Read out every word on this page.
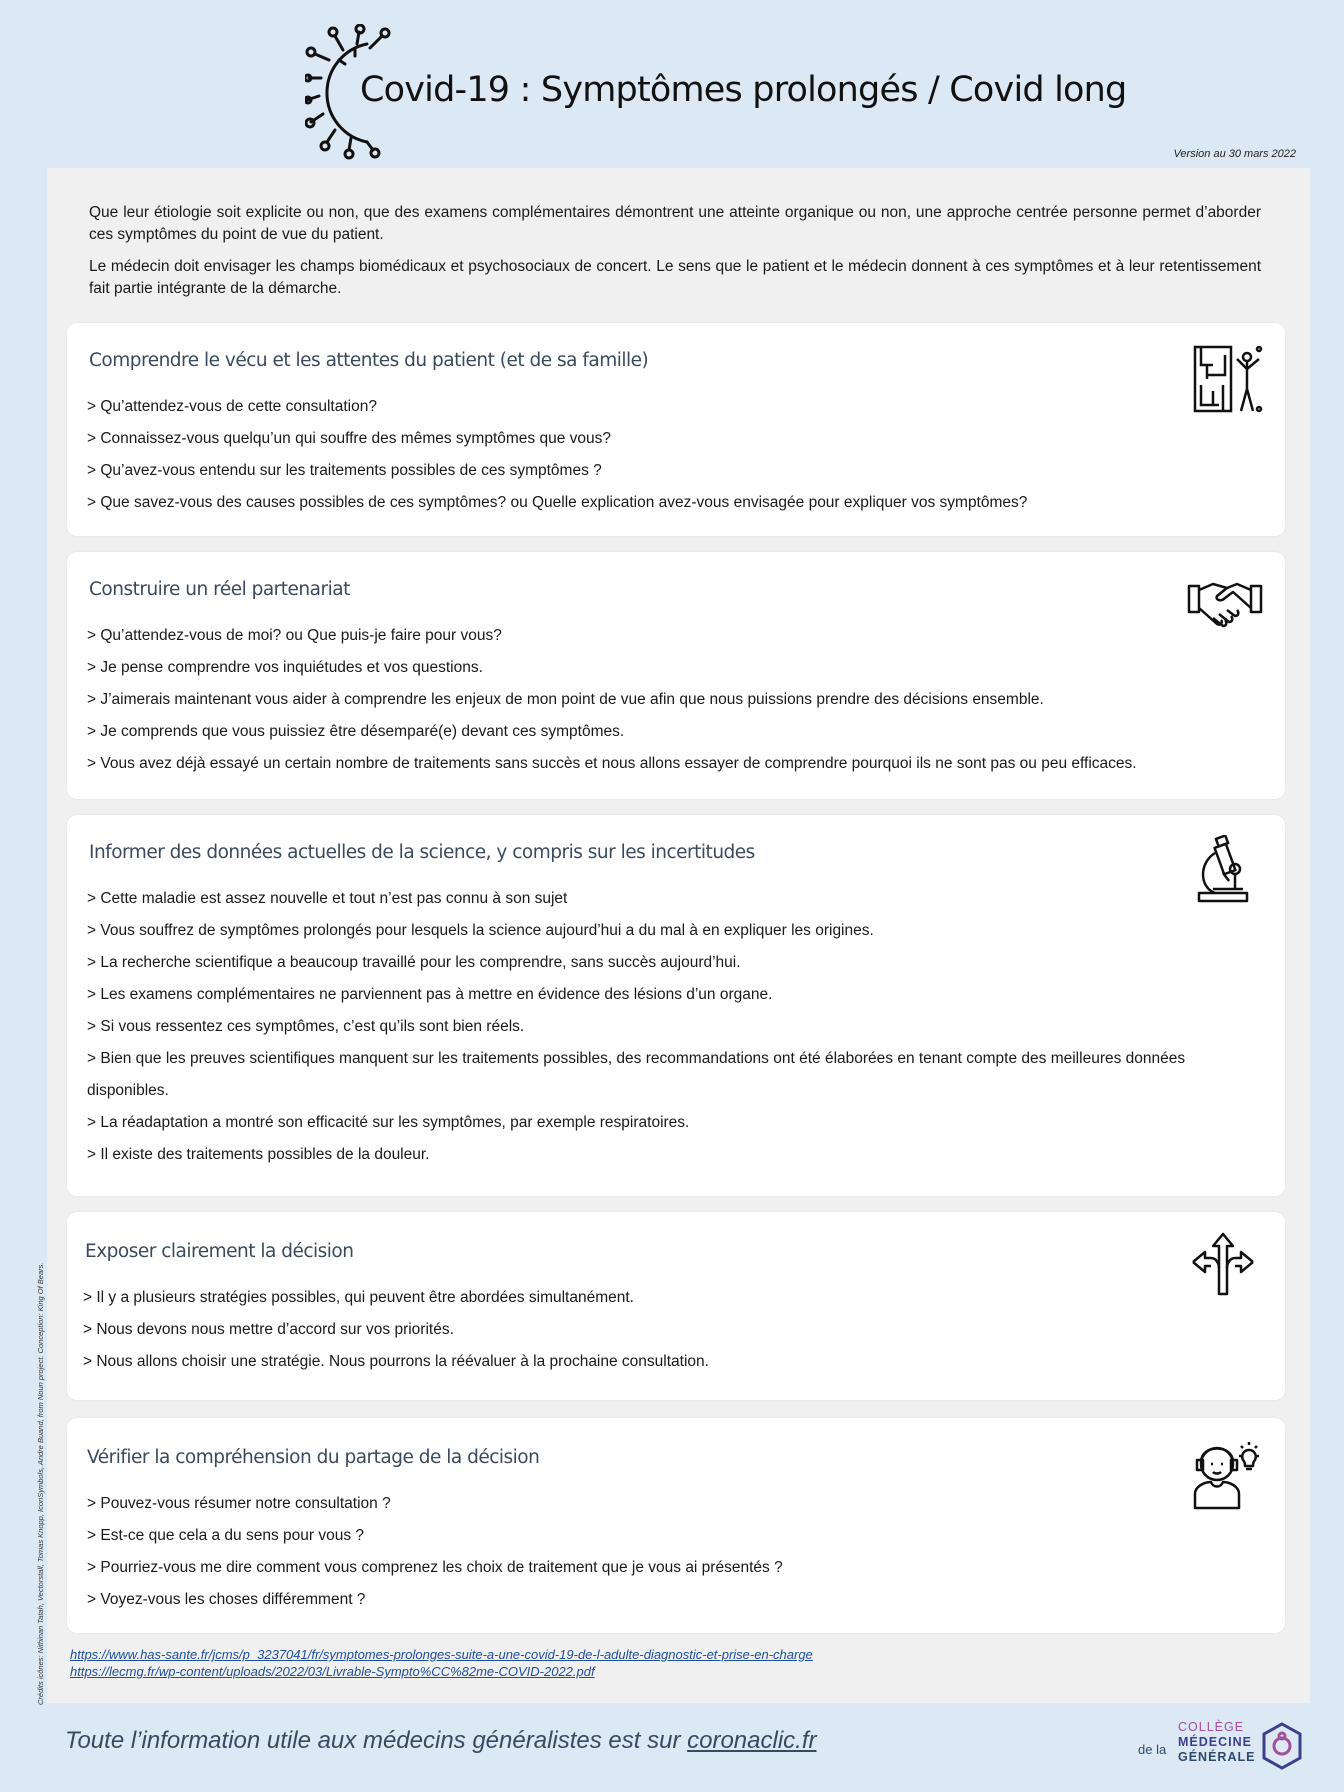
Covid-19 : Symptômes prolongés / Covid long
Version au 30 mars 2022

Que leur étiologie soit explicite ou non, que des examens complémentaires démontrent une atteinte organique ou non, une approche centrée personne permet d’aborder ces symptômes du point de vue du patient.

Le médecin doit envisager les champs biomédicaux et psychosociaux de concert. Le sens que le patient et le médecin donnent à ces symptômes et à leur retentissement fait partie intégrante de la démarche.

Comprendre le vécu et les attentes du patient (et de sa famille)
> Qu’attendez-vous de cette consultation?
> Connaissez-vous quelqu’un qui souffre des mêmes symptômes que vous?
> Qu’avez-vous entendu sur les traitements possibles de ces symptômes ?
> Que savez-vous des causes possibles de ces symptômes? ou Quelle explication avez-vous envisagée pour expliquer vos symptômes?
Construire un réel partenariat
> Qu’attendez-vous de moi? ou Que puis-je faire pour vous?
> Je pense comprendre vos inquiétudes et vos questions.
> J’aimerais maintenant vous aider à comprendre les enjeux de mon point de vue afin que nous puissions prendre des décisions ensemble.
> Je comprends que vous puissiez être désemparé(e) devant ces symptômes.
> Vous avez déjà essayé un certain nombre de traitements sans succès et nous allons essayer de comprendre pourquoi ils ne sont pas ou peu efficaces.
Informer des données actuelles de la science, y compris sur les incertitudes
> Cette maladie est assez nouvelle et tout n’est pas connu à son sujet
> Vous souffrez de symptômes prolongés pour lesquels la science aujourd’hui a du mal à en expliquer les origines.
> La recherche scientifique a beaucoup travaillé pour les comprendre, sans succès aujourd’hui.
> Les examens complémentaires ne parviennent pas à mettre en évidence des lésions d’un organe.
> Si vous ressentez ces symptômes, c’est qu’ils sont bien réels.
> Bien que les preuves scientifiques manquent sur les traitements possibles, des recommandations ont été élaborées en tenant compte des meilleures données disponibles.
> La réadaptation a montré son efficacité sur les symptômes, par exemple respiratoires.
> Il existe des traitements possibles de la douleur.
Exposer clairement la décision
> Il y a plusieurs stratégies possibles, qui peuvent être abordées simultanément.
> Nous devons nous mettre d’accord sur vos priorités.
> Nous allons choisir une stratégie. Nous pourrons la réévaluer à la prochaine consultation.
Vérifier la compréhension du partage de la décision
> Pouvez-vous résumer notre consultation ?
> Est-ce que cela a du sens pour vous ?
> Pourriez-vous me dire comment vous comprenez les choix de traitement que je vous ai présentés ?
> Voyez-vous les choses différemment ?
https://www.has-sante.fr/jcms/p_3237041/fr/symptomes-prolonges-suite-a-une-covid-19-de-l-adulte-diagnostic-et-prise-en-charge
https://lecmg.fr/wp-content/uploads/2022/03/Livrable-Sympto%CC%82me-COVID-2022.pdf
Crédits icônes: Nithinan Tatah, Vectorstall, Tomas Knopp, IconSymbols, Andre Buand, from Noun project. Conception: King Of Bears.
Toute l’information utile aux médecins généralistes est sur coronaclic.fr	de la
COLLÈGE
MÉDECINE
GÉNÉRALE
